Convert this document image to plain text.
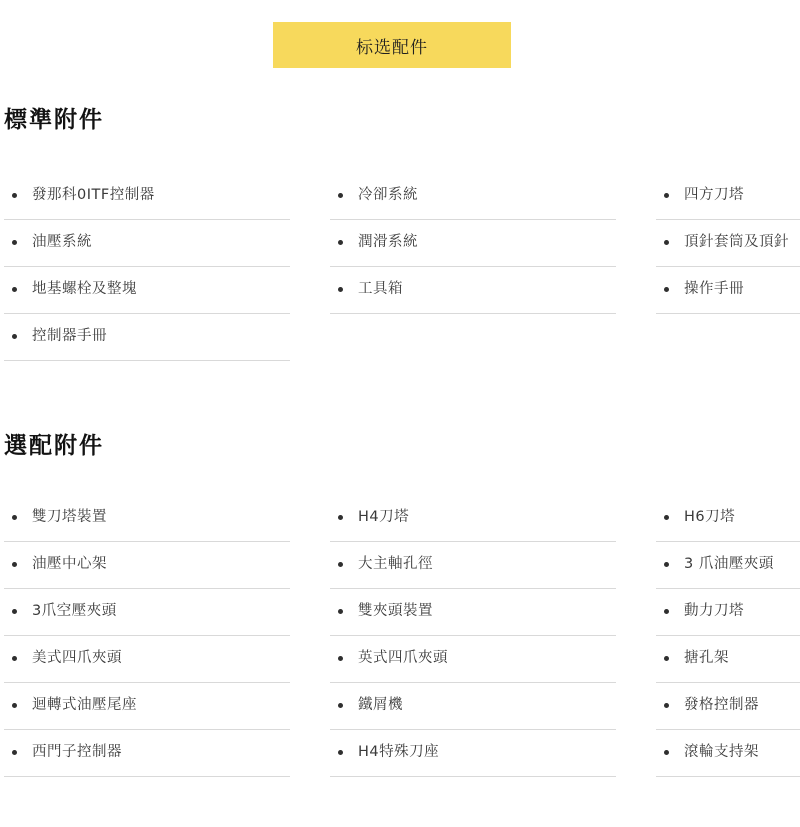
标选配件
標準附件
發那科0ITF控制器
油壓系統
地基螺栓及整塊
控制器手冊
冷卻系統
潤滑系統
工具箱
四方刀塔
頂針套筒及頂針
操作手冊
選配附件
雙刀塔裝置
油壓中心架
3爪空壓夾頭
美式四爪夾頭
迴轉式油壓尾座
西門子控制器
H4刀塔
大主軸孔徑
雙夾頭裝置
英式四爪夾頭
鐵屑機
H4特殊刀座
H6刀塔
3 爪油壓夾頭
動力刀塔
搪孔架
發格控制器
滾輪支持架
